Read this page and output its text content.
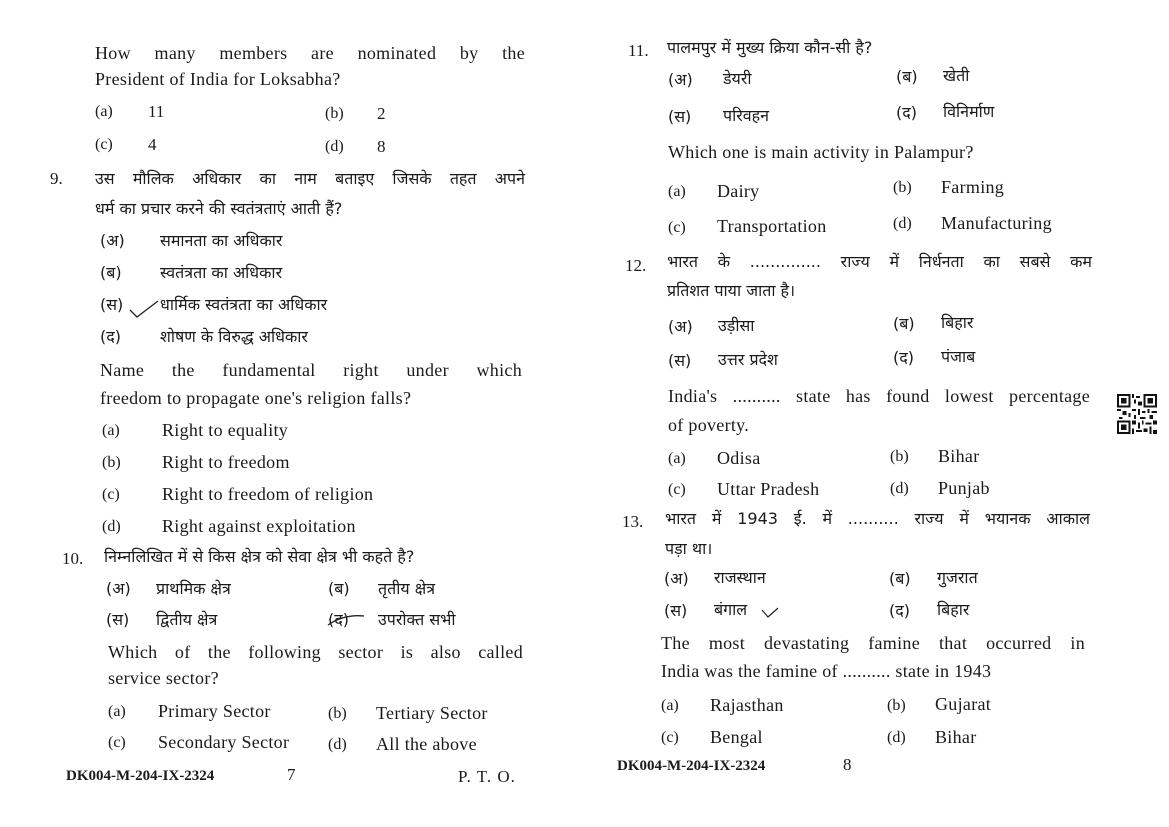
How many members are nominated by the
President of India for Loksabha?
(a) 11	(b) 2
(c) 4	(d) 8
9. उस मौलिक अधिकार का नाम बताइए जिसके तहत अपने
धर्म का प्रचार करने की स्वतंत्रताएं आती हैं?
(अ) समानता का अधिकार
(ब) स्वतंत्रता का अधिकार
(स) धार्मिक स्वतंत्रता का अधिकार
(द) शोषण के विरुद्ध अधिकार
Name the fundamental right under which
freedom to propagate one's religion falls?
(a) Right to equality
(b) Right to freedom
(c) Right to freedom of religion
(d) Right against exploitation
10. निम्नलिखित में से किस क्षेत्र को सेवा क्षेत्र भी कहते है?
(अ) प्राथमिक क्षेत्र	(ब) तृतीय क्षेत्र
(स) द्वितीय क्षेत्र	(द) उपरोक्त सभी
Which of the following sector is also called
service sector?
(a) Primary Sector	(b) Tertiary Sector
(c) Secondary Sector (d) All the above
DK004-M-204-IX-2324	7	P. T. O.
11. पालमपुर में मुख्य क्रिया कौन-सी है?
(अ) डेयरी	(ब) खेती
(स) परिवहन	(द) विनिर्माण
Which one is main activity in Palampur?
(a) Dairy	(b) Farming
(c) Transportation	(d) Manufacturing
12. भारत के .............. राज्य में निर्धनता का सबसे कम
प्रतिशत पाया जाता है।
(अ) उड़ीसा	(ब) बिहार
(स) उत्तर प्रदेश	(द) पंजाब
India's .......... state has found lowest percentage
of poverty.
(a) Odisa	(b) Bihar
(c) Uttar Pradesh	(d) Punjab
13. भारत में 1943 ई. में .......... राज्य में भयानक आकाल
पड़ा था।
(अ) राजस्थान	(ब) गुजरात
(स) बंगाल	(द) बिहार
The most devastating famine that occurred in
India was the famine of .......... state in 1943
(a) Rajasthan	(b) Gujarat
(c) Bengal	(d) Bihar
DK004-M-204-IX-2324	8
